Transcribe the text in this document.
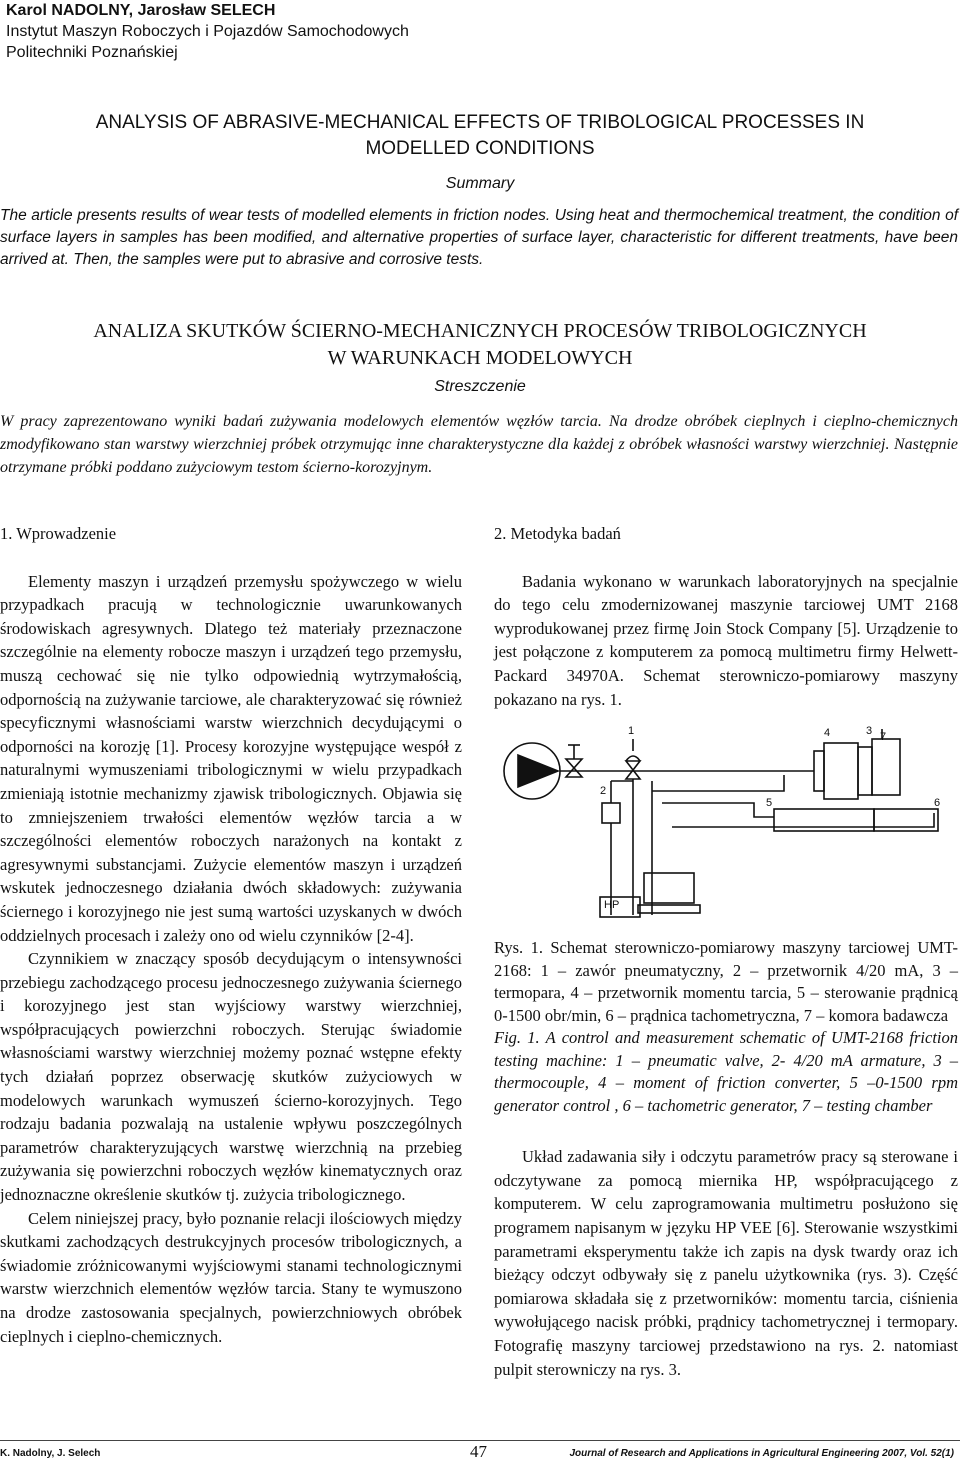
Karol NADOLNY, Jarosław SELECH
Instytut Maszyn Roboczych i Pojazdów Samochodowych
Politechniki Poznańskiej
ANALYSIS OF ABRASIVE-MECHANICAL EFFECTS OF TRIBOLOGICAL PROCESSES IN
MODELLED CONDITIONS
Summary
The article presents results of wear tests of modelled elements in friction nodes. Using heat and thermochemical treatment, the condition of surface layers in samples has been modified, and alternative properties of surface layer, characteristic for different treatments, have been arrived at. Then, the samples were put to abrasive and corrosive tests.
ANALIZA SKUTKÓW ŚCIERNO-MECHANICZNYCH PROCESÓW TRIBOLOGICZNYCH
W WARUNKACH MODELOWYCH
Streszczenie
W pracy zaprezentowano wyniki badań zużywania modelowych elementów węzłów tarcia. Na drodze obróbek cieplnych i cieplno-chemicznych zmodyfikowano stan warstwy wierzchniej próbek otrzymując inne charakterystyczne dla każdej z obróbek własności warstwy wierzchniej. Następnie otrzymane próbki poddano zużyciowym testom ścierno-korozyjnym.
1. Wprowadzenie

Elementy maszyn i urządzeń przemysłu spożywczego w wielu przypadkach pracują w technologicznie uwarunkowanych środowiskach agresywnych. Dlatego też materiały przeznaczone szczególnie na elementy robocze maszyn i urządzeń tego przemysłu, muszą cechować się nie tylko odpowiednią wytrzymałością, odpornością na zużywanie tarciowe, ale charakteryzować się również specyficznymi własnościami warstw wierzchnich decydującymi o odporności na korozję [1]. Procesy korozyjne występujące wespół z naturalnymi wymuszeniami tribologicznymi w wielu przypadkach zmieniają istotnie mechanizmy zjawisk tribologicznych. Objawia się to zmniejszeniem trwałości elementów węzłów tarcia a w szczególności elementów roboczych narażonych na kontakt z agresywnymi substancjami. Zużycie elementów maszyn i urządzeń wskutek jednoczesnego działania dwóch składowych: zużywania ściernego i korozyjnego nie jest sumą wartości uzyskanych w dwóch oddzielnych procesach i zależy ono od wielu czynników [2-4].

Czynnikiem w znaczący sposób decydującym o intensywności przebiegu zachodzącego procesu jednoczesnego zużywania ściernego i korozyjnego jest stan wyjściowy warstwy wierzchniej, współpracujących powierzchni roboczych. Sterując świadomie własnościami warstwy wierzchniej możemy poznać wstępne efekty tych działań poprzez obserwację skutków zużyciowych w modelowych warunkach wymuszeń ścierno-korozyjnych. Tego rodzaju badania pozwalają na ustalenie wpływu poszczególnych parametrów charakteryzujących warstwę wierzchnią na przebieg zużywania się powierzchni roboczych węzłów kinematycznych oraz jednoznaczne określenie skutków tj. zużycia tribologicznego.

Celem niniejszej pracy, było poznanie relacji ilościowych między skutkami zachodzących destrukcyjnych procesów tribologicznych, a świadomie zróżnicowanymi wyjściowymi stanami technologicznymi warstw wierzchnich elementów węzłów tarcia. Stany te wymuszono na drodze zastosowania specjalnych, powierzchniowych obróbek cieplnych i cieplno-chemicznych.

2. Metodyka badań

Badania wykonano w warunkach laboratoryjnych na specjalnie do tego celu zmodernizowanej maszynie tarciowej UMT 2168 wyprodukowanej przez firmę Join Stock Company [5]. Urządzenie to jest połączone z komputerem za pomocą multimetru firmy Helwett-Packard 34970A. Schemat sterowniczo-pomiarowy maszyny pokazano na rys. 1.

1
2
3
4
5	6
7
HP
Rys. 1. Schemat sterowniczo-pomiarowy maszyny tarciowej UMT-2168: 1 – zawór pneumatyczny, 2 – przetwornik 4/20 mA, 3 – termopara, 4 – przetwornik momentu tarcia, 5 – sterowanie prądnicą 0-1500 obr/min, 6 – prądnica tachometryczna, 7 – komora badawcza
Fig. 1. A control and measurement schematic of UMT-2168 friction testing machine: 1 – pneumatic valve, 2- 4/20 mA armature, 3 – thermocouple, 4 – moment of friction converter, 5 –0-1500 rpm generator control , 6 – tachometric generator, 7 – testing chamber

Układ zadawania siły i odczytu parametrów pracy są sterowane i odczytywane za pomocą miernika HP, współpracującego z komputerem. W celu zaprogramowania multimetru posłużono się programem napisanym w języku HP VEE [6]. Sterowanie wszystkimi parametrami eksperymentu także ich zapis na dysk twardy oraz ich bieżący odczyt odbywały się z panelu użytkownika (rys. 3). Część pomiarowa składała się z przetworników: momentu tarcia, ciśnienia wywołującego nacisk próbki, prądnicy tachometrycznej i termopary. Fotografię maszyny tarciowej przedstawiono na rys. 2. natomiast pulpit sterowniczy na rys. 3.

K. Nadolny, J. Selech	47	Journal of Research and Applications in Agricultural Engineering 2007, Vol. 52(1)
